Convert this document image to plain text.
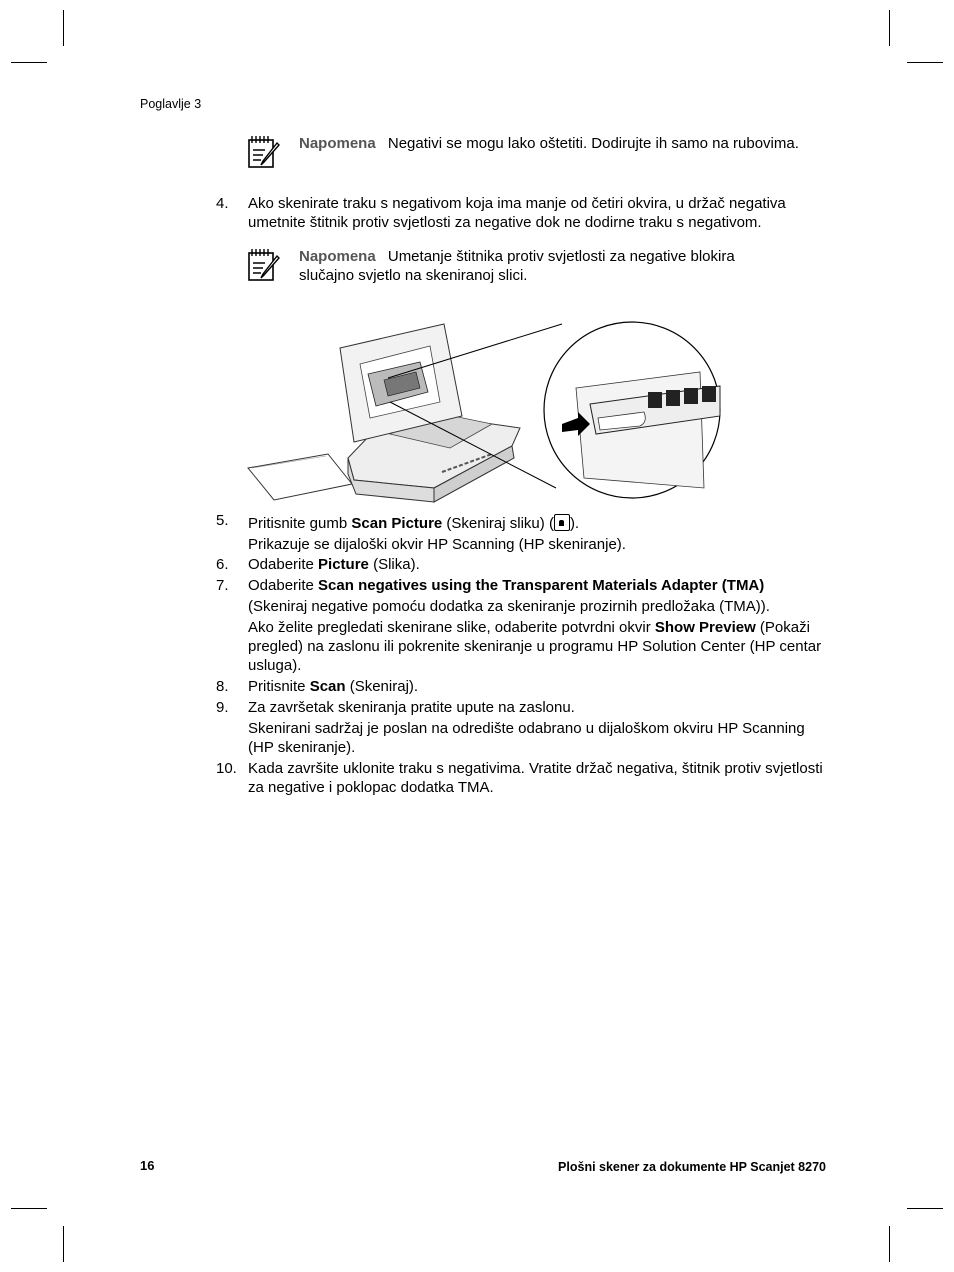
Poglavlje 3
Napomena Negativi se mogu lako oštetiti. Dodirujte ih samo na rubovima.
4. Ako skenirate traku s negativom koja ima manje od četiri okvira, u držač negativa umetnite štitnik protiv svjetlosti za negative dok ne dodirne traku s negativom.

Napomena Umetanje štitnika protiv svjetlosti za negative blokira slučajno svjetlo na skeniranoj slici.
5. Pritisnite gumb Scan Picture (Skeniraj sliku) ( ).

Prikazuje se dijaloški okvir HP Scanning (HP skeniranje).

6. Odaberite Picture (Slika).

7. Odaberite Scan negatives using the Transparent Materials Adapter (TMA)

(Skeniraj negative pomoću dodatka za skeniranje prozirnih predložaka (TMA)).

Ako želite pregledati skenirane slike, odaberite potvrdni okvir Show Preview (Pokaži pregled) na zaslonu ili pokrenite skeniranje u programu HP Solution Center (HP centar usluga).

8. Pritisnite Scan (Skeniraj).

9. Za završetak skeniranja pratite upute na zaslonu.

Skenirani sadržaj je poslan na odredište odabrano u dijaloškom okviru HP Scanning (HP skeniranje).

10. Kada završite uklonite traku s negativima. Vratite držač negativa, štitnik protiv svjetlosti za negative i poklopac dodatka TMA.

16	Plošni skener za dokumente HP Scanjet 8270
